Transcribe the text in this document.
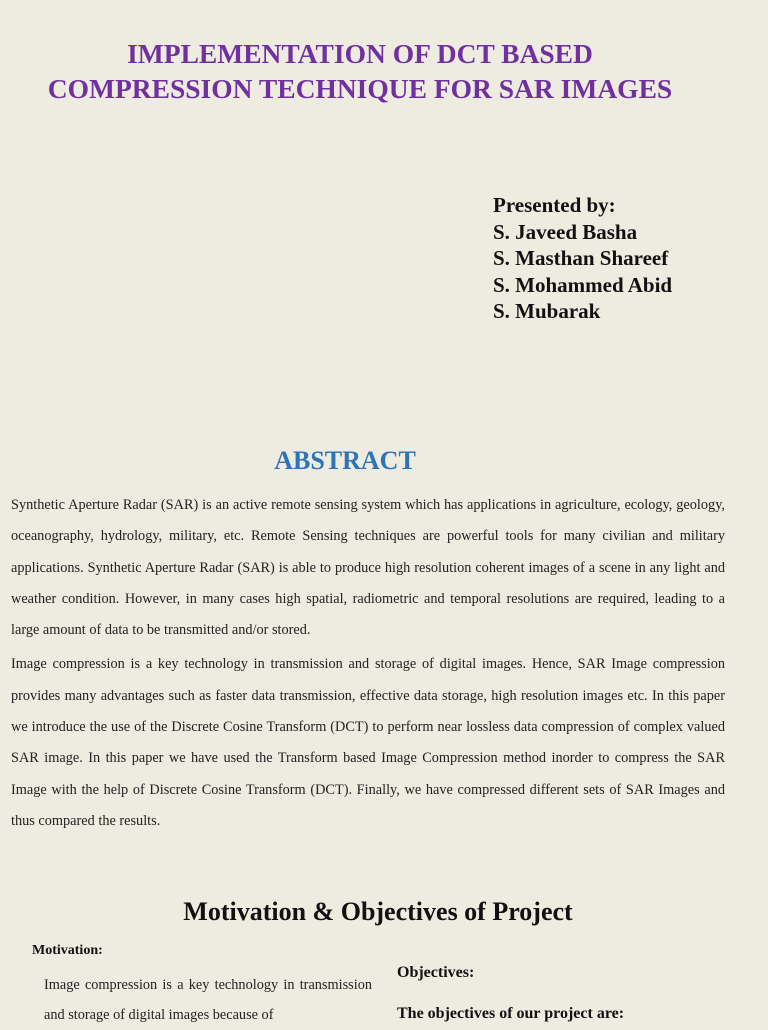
IMPLEMENTATION OF DCT BASED
COMPRESSION TECHNIQUE FOR SAR IMAGES
Presented by:
S. Javeed Basha
S. Masthan Shareef
S. Mohammed Abid
S. Mubarak
ABSTRACT

Synthetic Aperture Radar (SAR) is an active remote sensing system which has applications in agriculture, ecology, geology, oceanography, hydrology, military, etc. Remote Sensing techniques are powerful tools for many civilian and military applications. Synthetic Aperture Radar (SAR) is able to produce high resolution coherent images of a scene in any light and weather condition. However, in many cases high spatial, radiometric and temporal resolutions are required, leading to a large amount of data to be transmitted and/or stored.

Image compression is a key technology in transmission and storage of digital images. Hence, SAR Image compression provides many advantages such as faster data transmission, effective data storage, high resolution images etc. In this paper we introduce the use of the Discrete Cosine Transform (DCT) to perform near lossless data compression of complex valued SAR image. In this paper we have used the Transform based Image Compression method inorder to compress the SAR Image with the help of Discrete Cosine Transform (DCT). Finally, we have compressed different sets of SAR Images and thus compared the results.

Motivation & Objectives of Project
Motivation:
Image compression is a key technology in transmission and storage of digital images because of
Objectives:
The objectives of our project are:
